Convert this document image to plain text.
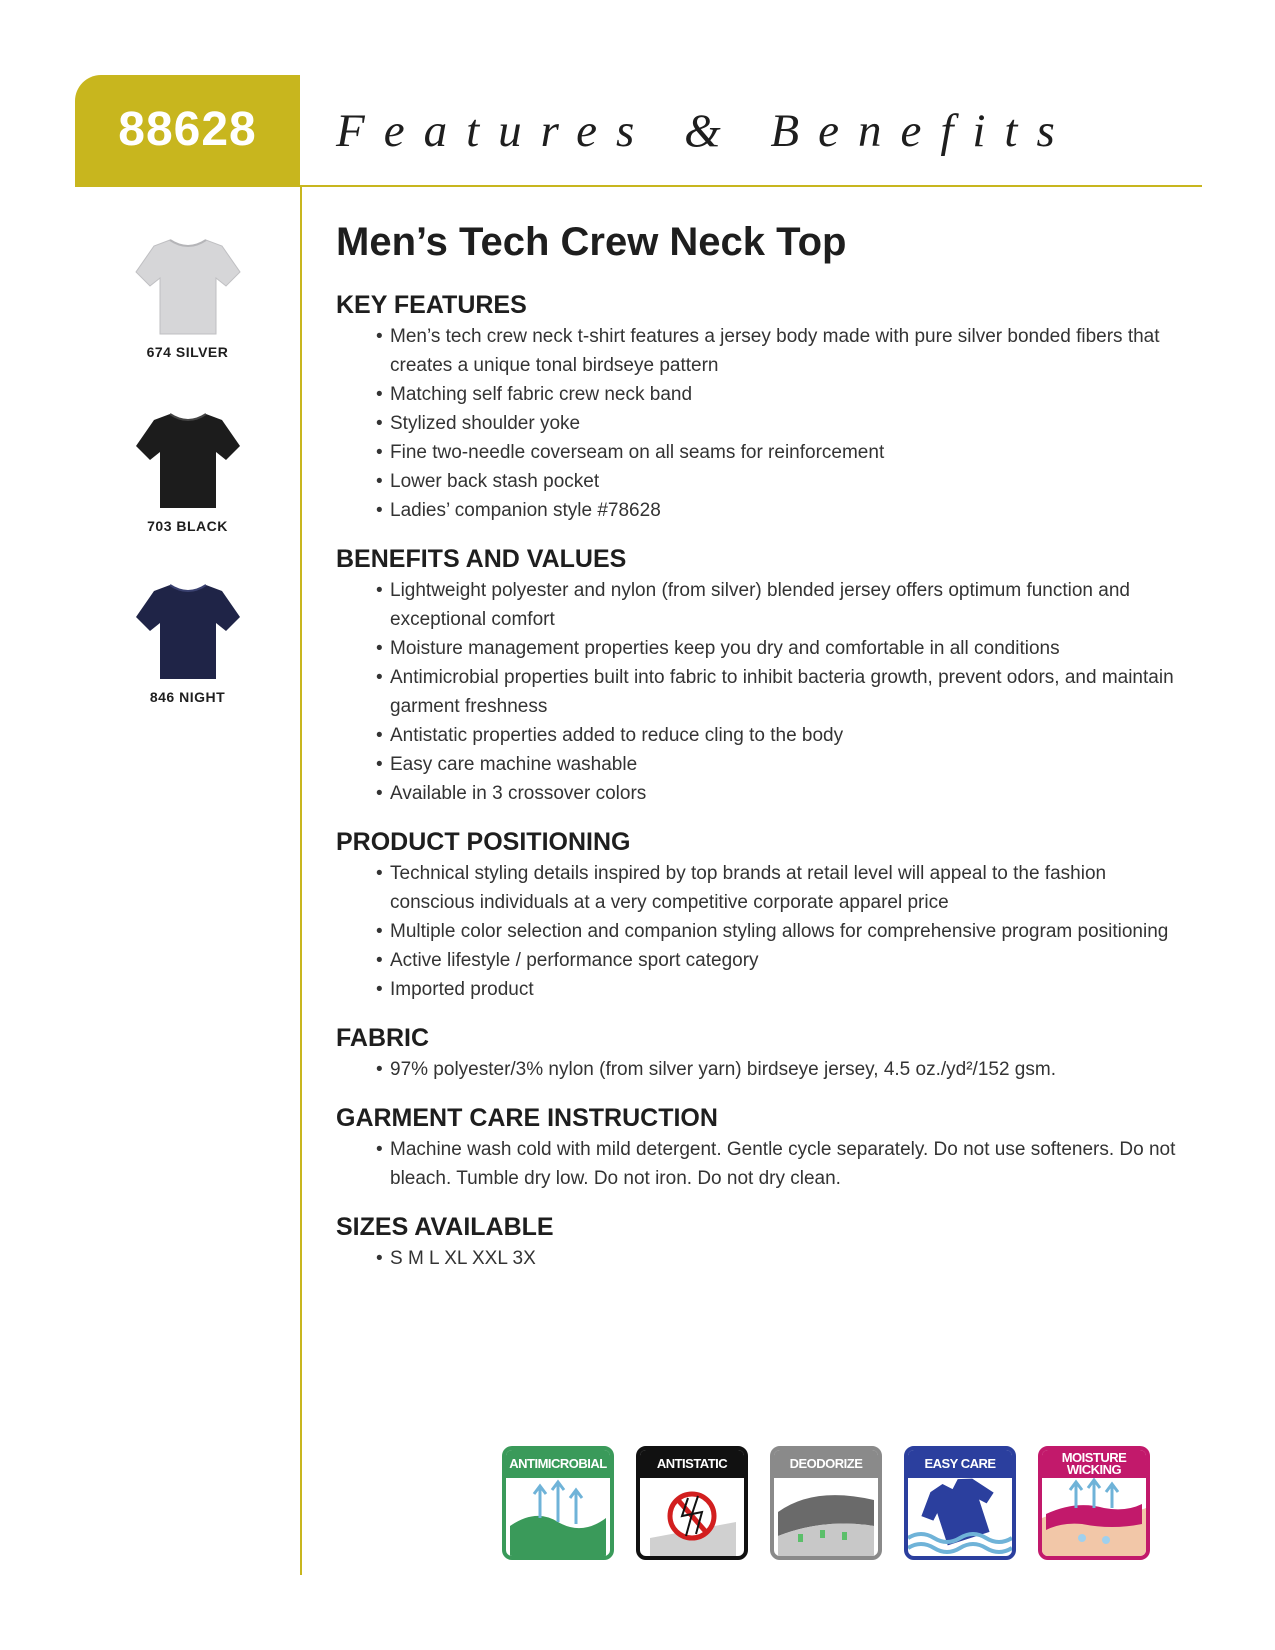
88628	Features & Benefits
674 SILVER
703 BLACK
846 NIGHT
Men’s Tech Crew Neck Top
KEY FEATURES
• Men’s tech crew neck t-shirt features a jersey body made with pure silver bonded fibers that creates a unique tonal birdseye pattern
• Matching self fabric crew neck band
• Stylized shoulder yoke
• Fine two-needle coverseam on all seams for reinforcement
• Lower back stash pocket
• Ladies’ companion style #78628
BENEFITS AND VALUES
• Lightweight polyester and nylon (from silver) blended jersey offers optimum function and exceptional comfort
• Moisture management properties keep you dry and comfortable in all conditions
• Antimicrobial properties built into fabric to inhibit bacteria growth, prevent odors, and maintain garment freshness
• Antistatic properties added to reduce cling to the body
• Easy care machine washable
• Available in 3 crossover colors
PRODUCT POSITIONING
• Technical styling details inspired by top brands at retail level will appeal to the fashion conscious individuals at a very competitive corporate apparel price
• Multiple color selection and companion styling allows for comprehensive program positioning
• Active lifestyle / performance sport category
• Imported product
FABRIC
• 97% polyester/3% nylon (from silver yarn) birdseye jersey, 4.5 oz./yd²/152 gsm.
GARMENT CARE INSTRUCTION
• Machine wash cold with mild detergent. Gentle cycle separately. Do not use softeners. Do not bleach. Tumble dry low. Do not iron. Do not dry clean.
SIZES AVAILABLE
• S M L XL XXL 3X
ANTIMICROBIAL	ANTISTATIC	DEODORIZE	EASY CARE	MOISTURE WICKING
